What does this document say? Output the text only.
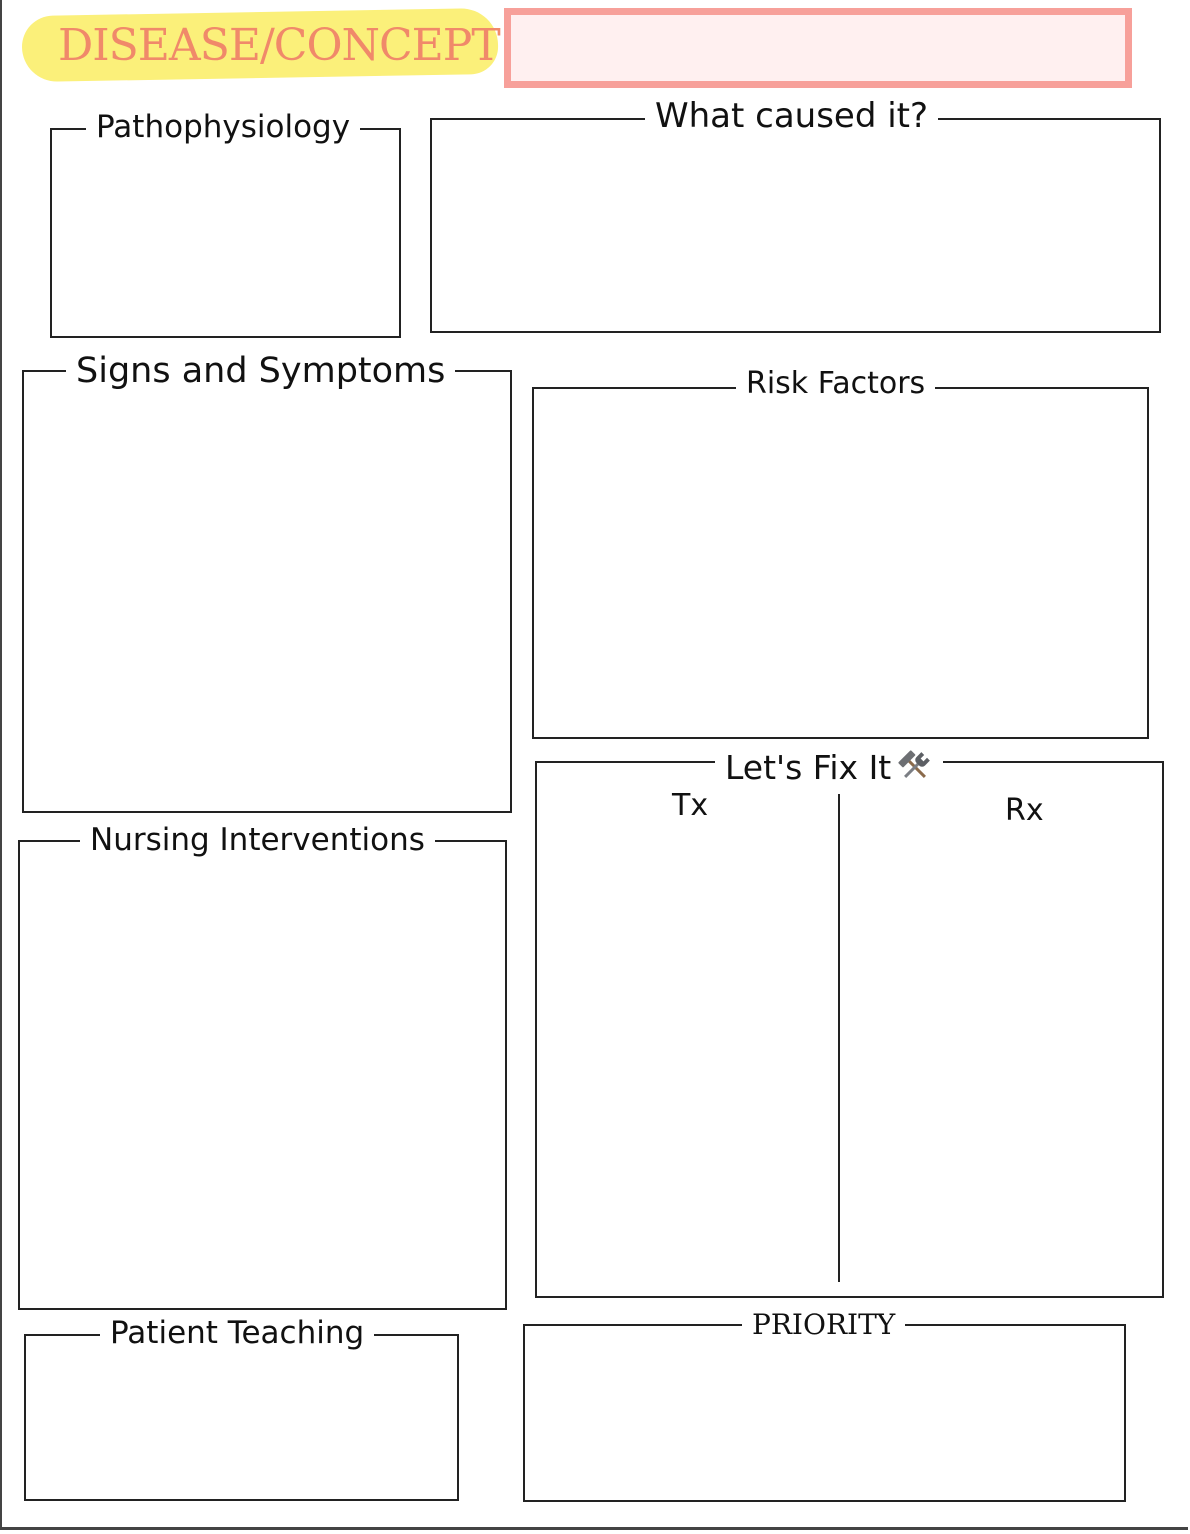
DISEASE/CONCEPT
Pathophysiology	What caused it?
Signs and Symptoms	Risk Factors
Let's Fix It
Tx	Rx
Nursing Interventions
Patient Teaching	PRIORITY
